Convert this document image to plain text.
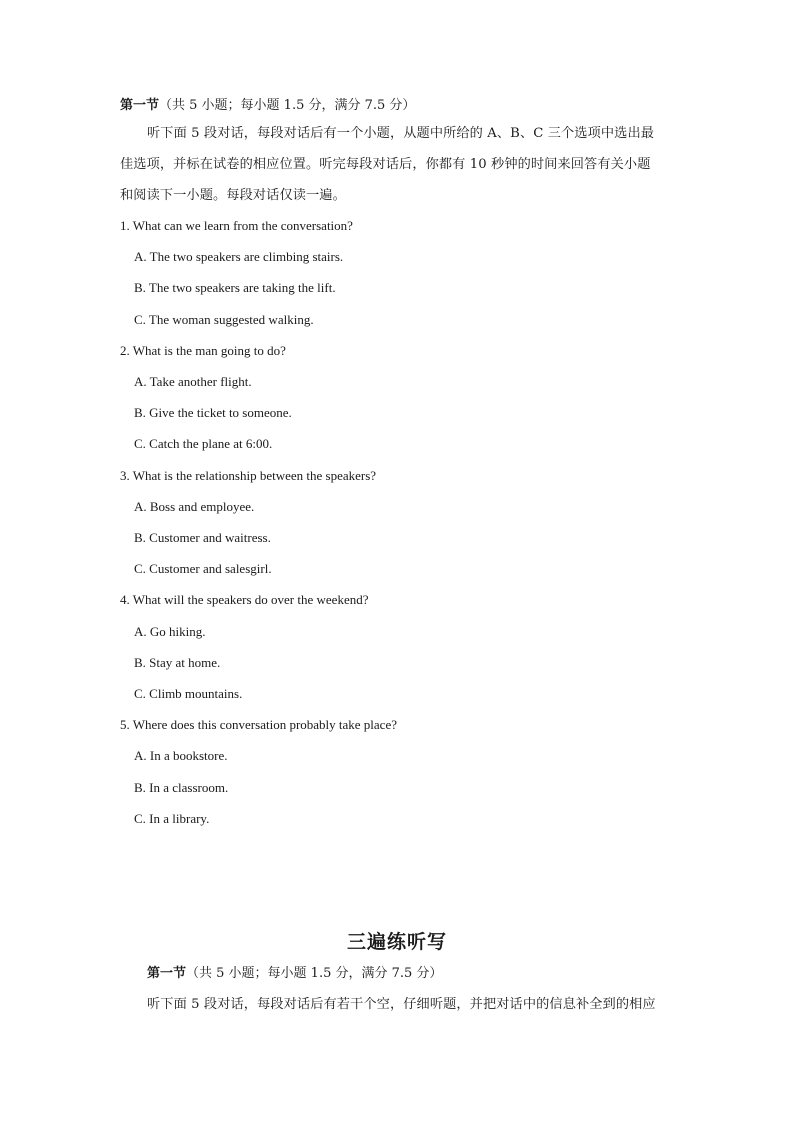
第一节（共 5 小题；每小题 1.5 分，满分 7.5 分）
听下面 5 段对话，每段对话后有一个小题，从题中所给的 A、B、C 三个选项中选出最
佳选项，并标在试卷的相应位置。听完每段对话后，你都有 10 秒钟的时间来回答有关小题
和阅读下一小题。每段对话仅读一遍。
1. What can we learn from the conversation?
A. The two speakers are climbing stairs.
B. The two speakers are taking the lift.
C. The woman suggested walking.
2. What is the man going to do?
A. Take another flight.
B. Give the ticket to someone.
C. Catch the plane at 6:00.
3. What is the relationship between the speakers?
A. Boss and employee.
B. Customer and waitress.
C. Customer and salesgirl.
4. What will the speakers do over the weekend?
A. Go hiking.
B. Stay at home.
C. Climb mountains.
5. Where does this conversation probably take place?
A. In a bookstore.
B. In a classroom.
C. In a library.
三遍练听写
第一节（共 5 小题；每小题 1.5 分，满分 7.5 分）
听下面 5 段对话，每段对话后有若干个空，仔细听题，并把对话中的信息补全到的相应
